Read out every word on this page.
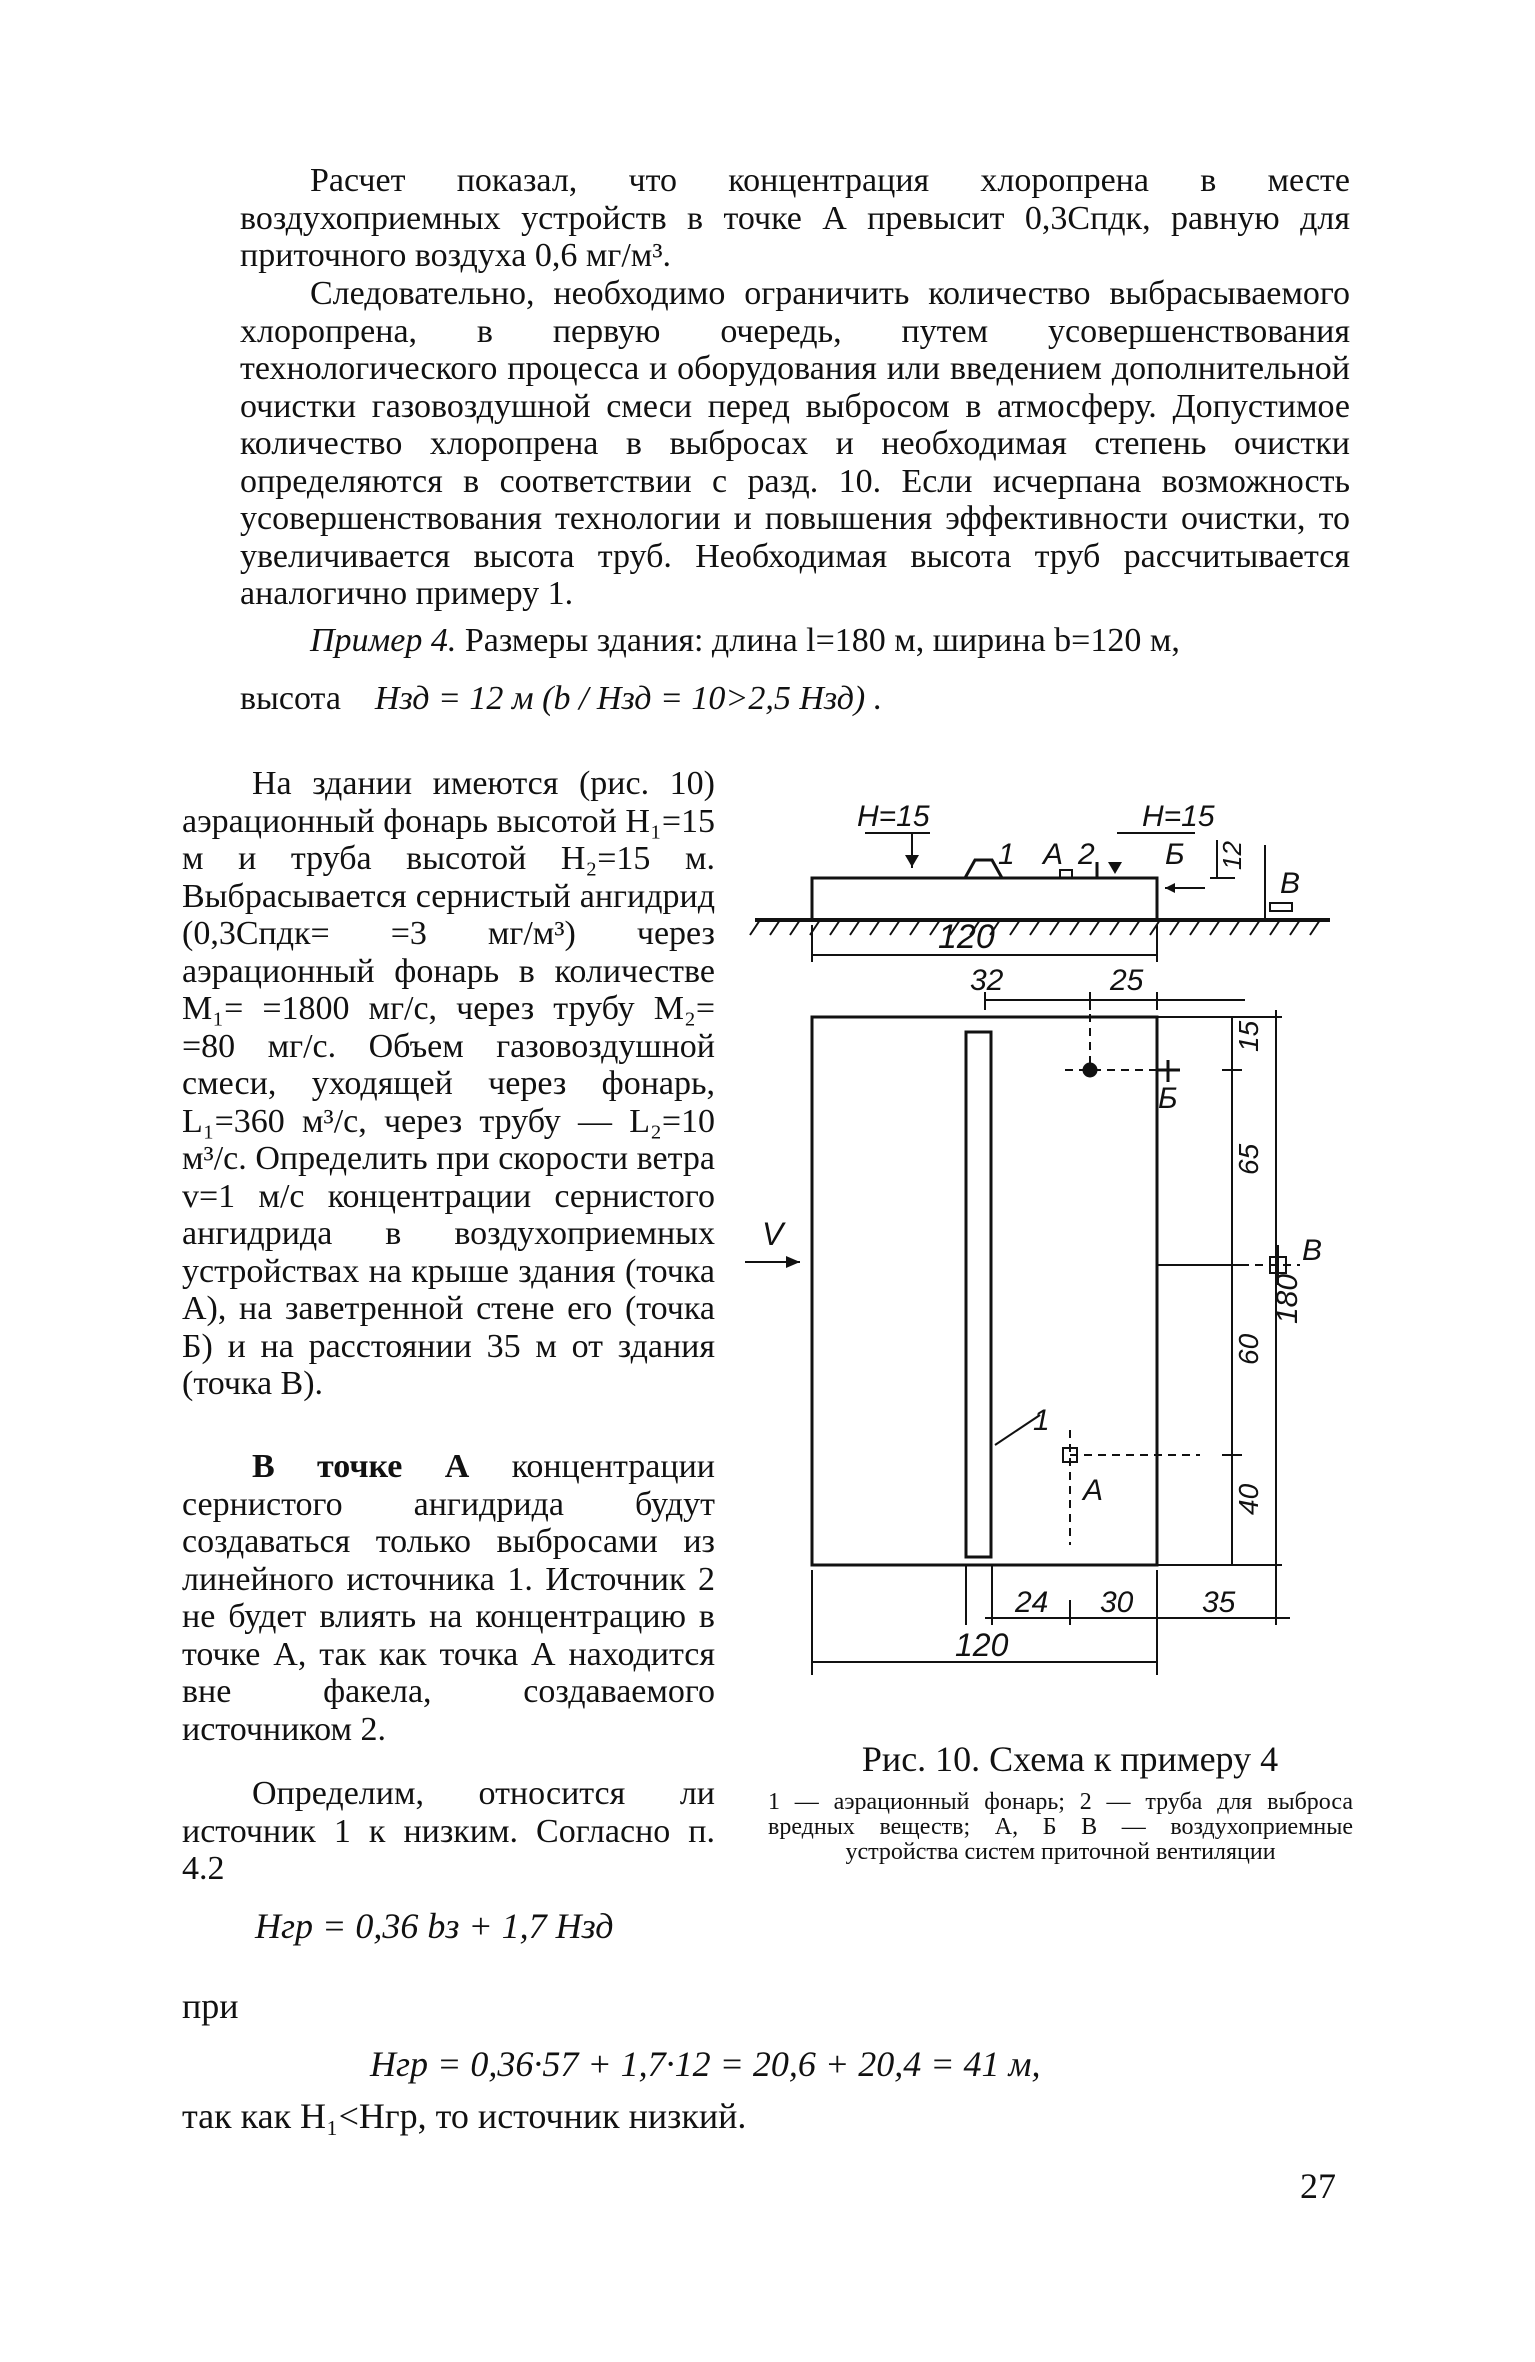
Расчет показал, что концентрация хлоропрена в месте воздухоприемных устройств в точке А превысит 0,3Спдк, равную для приточного воздуха 0,6 мг/м³.

Следовательно, необходимо ограничить количество выбрасываемого хлоропрена, в первую очередь, путем усовершенствования технологического процесса и оборудования или введением дополнительной очистки газовоздушной смеси перед выбросом в атмосферу. Допустимое количество хлоропрена в выбросах и необходимая степень очистки определяются в соответствии с разд. 10. Если исчерпана возможность усовершенствования технологии и повышения эффективности очистки, то увеличивается высота труб. Необходимая высота труб рассчитывается аналогично примеру 1.

Пример 4. Размеры здания: длина l=180 м, ширина b=120 м,

высота Hзд = 12 м (b / Hзд = 10>2,5 Hзд) .

На здании имеются (рис. 10) аэрационный фонарь высотой H₁=15 м и труба высотой H₂=15 м. Выбрасывается сернистый ангидрид (0,3Спдк= =3 мг/м³) через аэрационный фонарь в количестве M₁= =1800 мг/с, через трубу M₂= =80 мг/с. Объем газовоздушной смеси, уходящей через фонарь, L₁=360 м³/с, через трубу — L₂=10 м³/с. Определить при скорости ветра v=1 м/с концентрации сернистого ангидрида в воздухоприемных устройствах на крыше здания (точка А), на заветренной стене его (точка Б) и на расстоянии 35 м от здания (точка В).

В точке А концентрации сернистого ангидрида будут создаваться только выбросами из линейного источника 1. Источник 2 не будет влиять на концентрацию в точке А, так как точка А находится вне факела, создаваемого источником 2.

Определим, относится ли источник 1 к низким. Согласно п. 4.2

Hгр = 0,36 bз + 1,7 Hзд
при
Hгр = 0,36·57 + 1,7·12 = 20,6 + 20,4 = 41 м,
так как H₁<Hгр, то источник низкий.
27
120
H=15	H=15
1 А 2 Б 12
В
32	25
15
Б
65
В
180
60
40
V
1
А
24 30 35
120
Рис. 10. Схема к примеру 4
1 — аэрационный фонарь; 2 — труба для выброса вредных веществ; А, Б В — воздухоприемные устройства систем приточной вентиляции
